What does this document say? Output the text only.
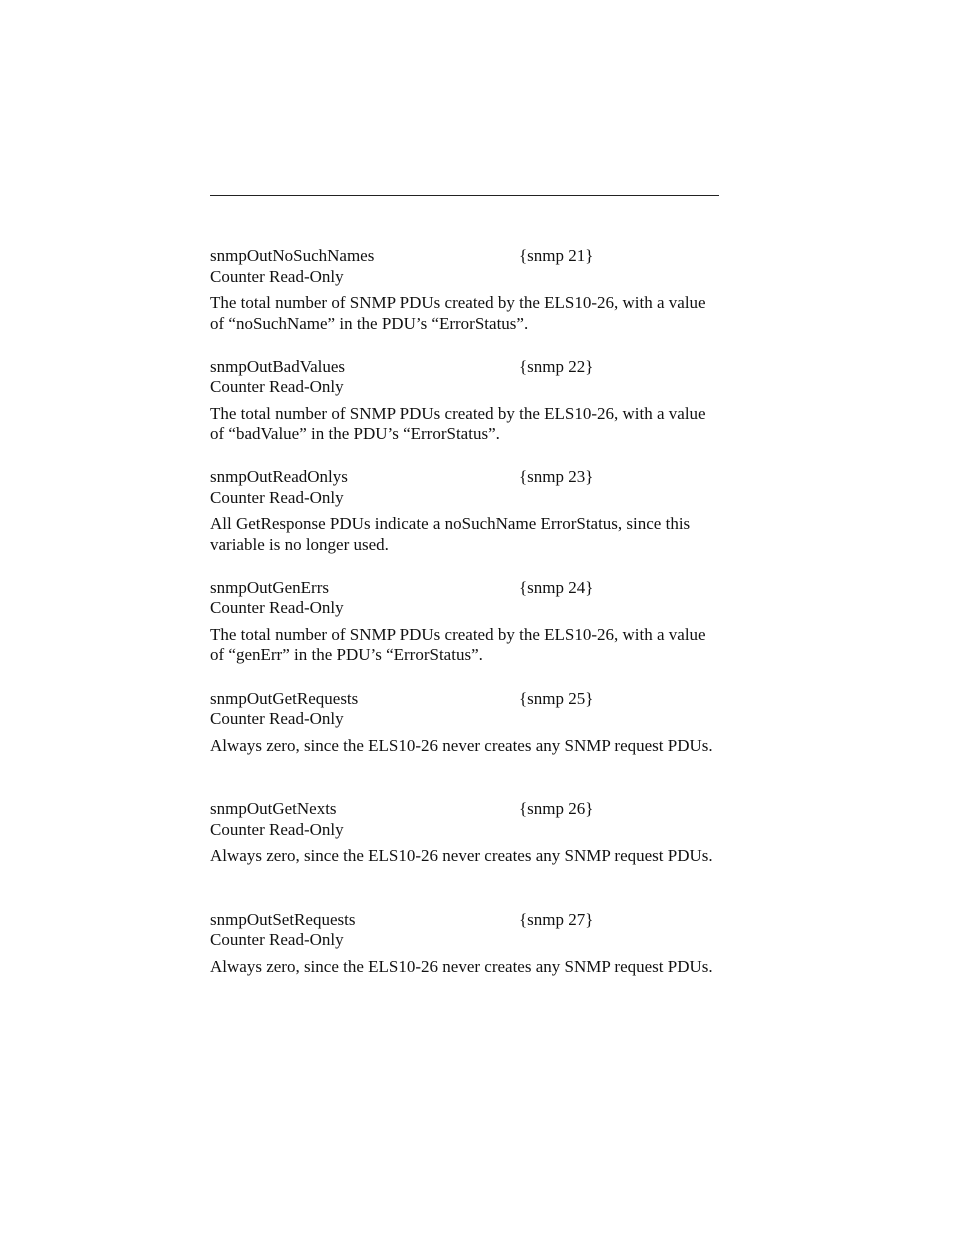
snmpOutNoSuchNames	{snmp 21}
Counter Read-Only
The total number of SNMP PDUs created by the ELS10-26, with a value of “noSuchName” in the PDU’s “ErrorStatus”.
snmpOutBadValues	{snmp 22}
Counter Read-Only
The total number of SNMP PDUs created by the ELS10-26, with a value of “badValue” in the PDU’s “ErrorStatus”.
snmpOutReadOnlys	{snmp 23}
Counter Read-Only
All GetResponse PDUs indicate a noSuchName ErrorStatus, since this variable is no longer used.
snmpOutGenErrs	{snmp 24}
Counter Read-Only
The total number of SNMP PDUs created by the ELS10-26, with a value of “genErr” in the PDU’s “ErrorStatus”.
snmpOutGetRequests	{snmp 25}
Counter Read-Only
Always zero, since the ELS10-26 never creates any SNMP request PDUs.
snmpOutGetNexts	{snmp 26}
Counter Read-Only
Always zero, since the ELS10-26 never creates any SNMP request PDUs.
snmpOutSetRequests	{snmp 27}
Counter Read-Only
Always zero, since the ELS10-26 never creates any SNMP request PDUs.
